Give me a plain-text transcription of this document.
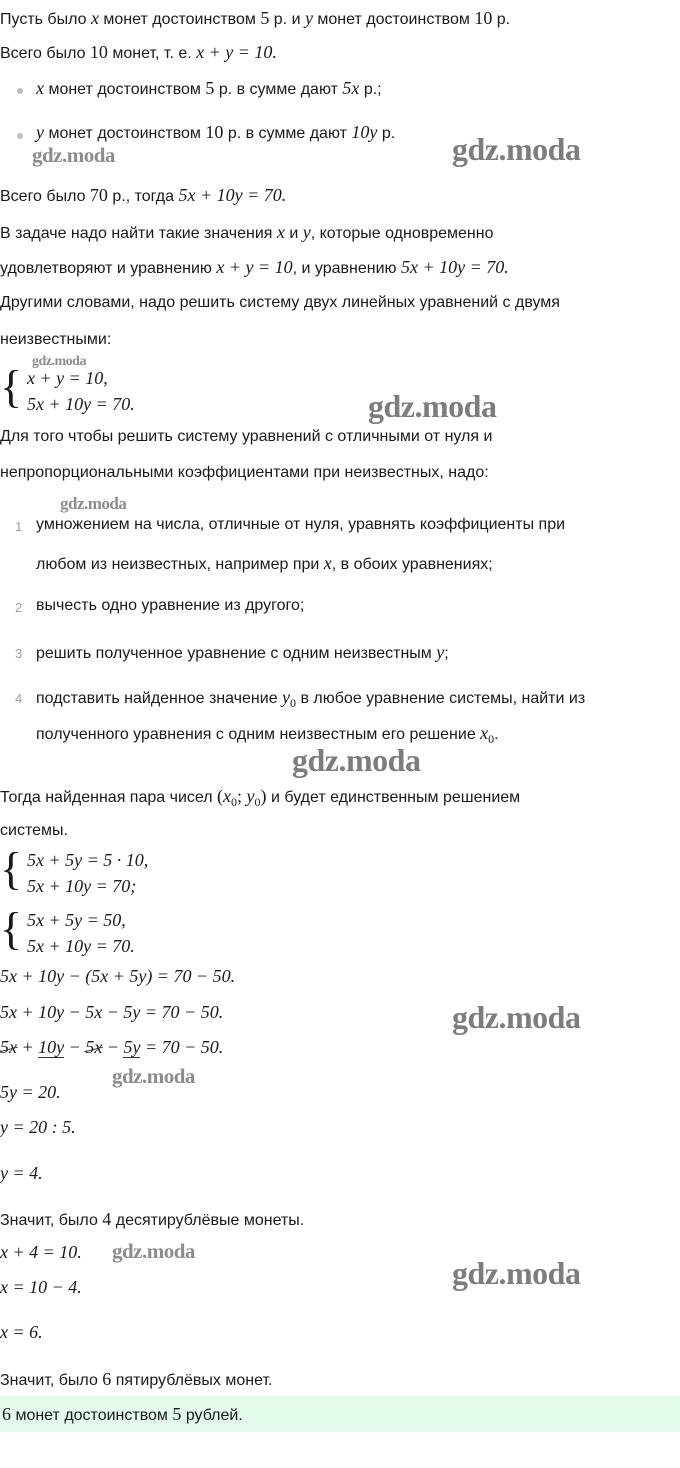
Пусть было x монет достоинством 5 р. и y монет достоинством 10 р.
Всего было 10 монет, т. е. x + y = 10.
x монет достоинством 5 р. в сумме дают 5x р.;
y монет достоинством 10 р. в сумме дают 10y р.
Всего было 70 р., тогда 5x + 10y = 70.
В задаче надо найти такие значения x и y, которые одновременно
удовлетворяют и уравнению x + y = 10, и уравнению 5x + 10y = 70.
Другими словами, надо решить систему двух линейных уравнений с двумя
неизвестными:
{ x + y = 10,
5x + 10y = 70.
Для того чтобы решить систему уравнений с отличными от нуля и
непропорциональными коэффициентами при неизвестных, надо:
1 умножением на числа, отличные от нуля, уравнять коэффициенты при
любом из неизвестных, например при x, в обоих уравнениях;
2 вычесть одно уравнение из другого;
3 решить полученное уравнение с одним неизвестным y;
4 подставить найденное значение $y_0$ в любое уравнение системы, найти из
полученного уравнения с одним неизвестным его решение $x_0$.
Тогда найденная пара чисел ($x_0$; $y_0$) и будет единственным решением
системы.
{ 5x + 5y = 5 · 10,
5x + 10y = 70;
{ 5x + 5y = 50,
5x + 10y = 70.
5x + 10y − (5x + 5y) = 70 − 50.
5x + 10y − 5x − 5y = 70 − 50.
5x + 10y − 5x − 5y = 70 − 50.
5y = 20.
y = 20 : 5.
y = 4.
Значит, было 4 десятирублёвые монеты.
x + 4 = 10.
x = 10 − 4.
x = 6.
Значит, было 6 пятирублёвых монет.
6 монет достоинством 5 рублей.
gdz.moda	gdz.moda
gdz.moda
gdz.moda
gdz.moda
gdz.moda
gdz.moda
gdz.moda
gdz.moda
gdz.moda
